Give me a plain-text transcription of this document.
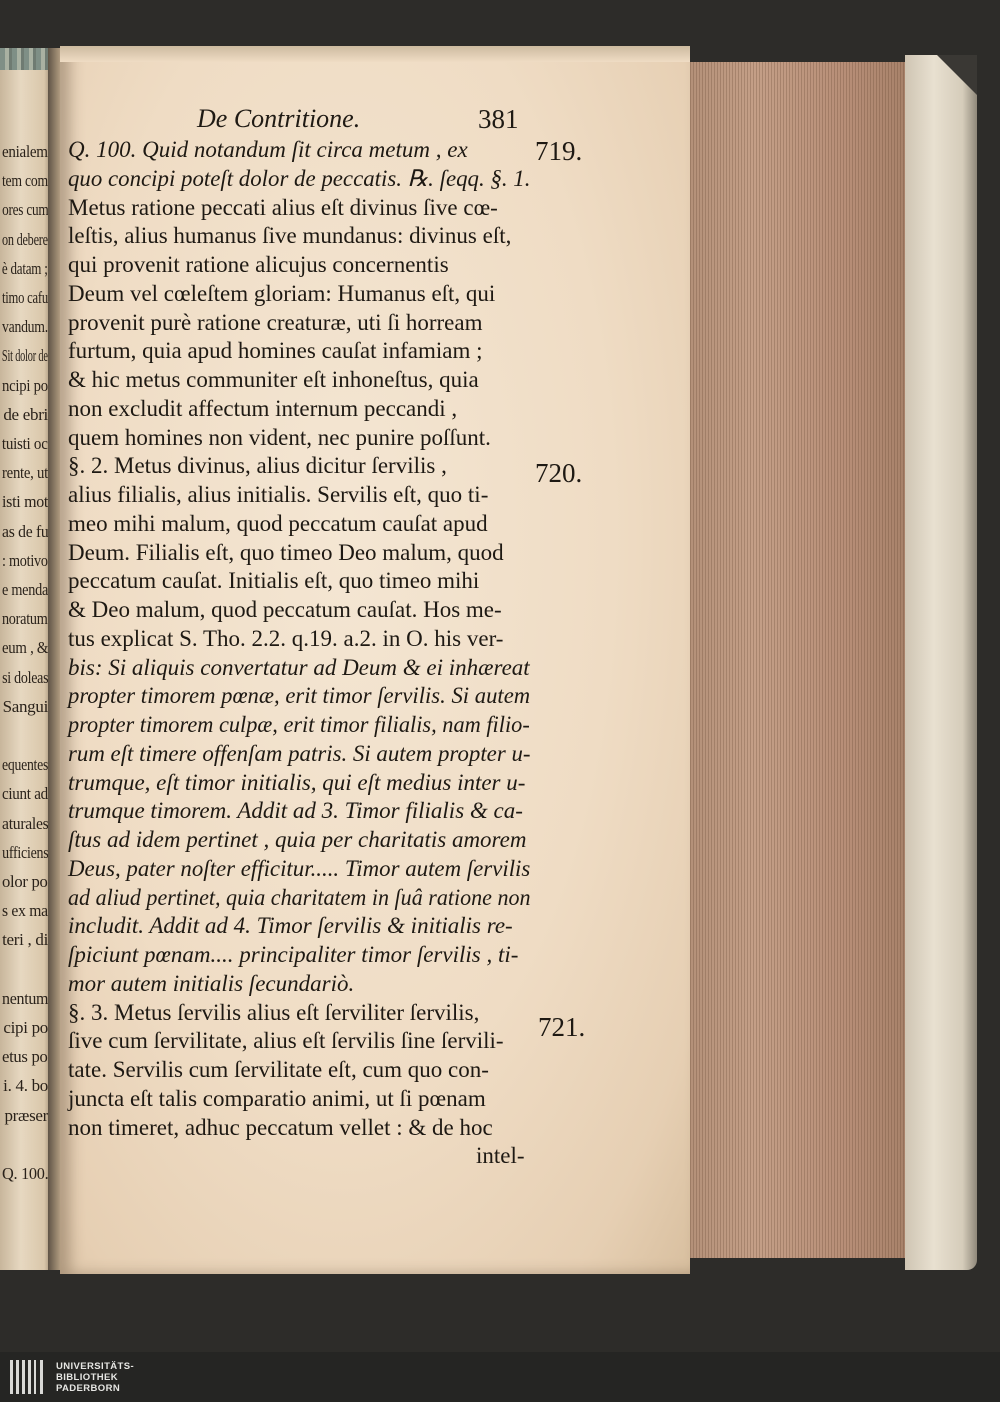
enialem
tem com
ores cum
on debere
è datam ;
timo cafu
vandum.
Sit dolor de
ncipi po
de ebri
tuisti oc
rente, ut
isti mot
as de fu
: motivo
e menda
noratum
eum , &
si doleas
Sangui
equentes
ciunt ad
aturales
ufficiens
olor po
s ex ma
teri , di
nentum
cipi po
etus po
i. 4. bo
præser
Q. 100.
De Contritione.	381
Q. 100. Quid notandum ſit circa metum , ex
quo concipi poteſt dolor de peccatis. ℞. ſeqq. §. 1.
Metus ratione peccati alius eſt divinus ſive cœ-
leſtis, alius humanus ſive mundanus: divinus eſt,
qui provenit ratione alicujus concernentis
Deum vel cœleſtem gloriam: Humanus eſt, qui
provenit purè ratione creaturæ, uti ſi horream
furtum, quia apud homines cauſat infamiam ;
& hic metus communiter eſt inhoneſtus, quia
non excludit affectum internum peccandi ,
quem homines non vident, nec punire poſſunt.
§. 2. Metus divinus, alius dicitur ſervilis ,
alius filialis, alius initialis. Servilis eſt, quo ti-
meo mihi malum, quod peccatum cauſat apud
Deum. Filialis eſt, quo timeo Deo malum, quod
peccatum cauſat. Initialis eſt, quo timeo mihi
& Deo malum, quod peccatum cauſat. Hos me-
tus explicat S. Tho. 2.2. q.19. a.2. in O. his ver-
bis: Si aliquis convertatur ad Deum & ei inhæreat
propter timorem pœnæ, erit timor ſervilis. Si autem
propter timorem culpæ, erit timor filialis, nam filio-
rum eſt timere offenſam patris. Si autem propter u-
trumque, eſt timor initialis, qui eſt medius inter u-
trumque timorem. Addit ad 3. Timor filialis & ca-
ſtus ad idem pertinet , quia per charitatis amorem
Deus, pater noſter efficitur..... Timor autem ſervilis
ad aliud pertinet, quia charitatem in ſuâ ratione non
includit. Addit ad 4. Timor ſervilis & initialis re-
ſpiciunt pœnam.... principaliter timor ſervilis , ti-
mor autem initialis ſecundariò.
§. 3. Metus ſervilis alius eſt ſerviliter ſervilis,
ſive cum ſervilitate, alius eſt ſervilis ſine ſervili-
tate. Servilis cum ſervilitate eſt, cum quo con-
juncta eſt talis comparatio animi, ut ſi pœnam
non timeret, adhuc peccatum vellet : & de hoc
intel-
719.
720.
721.
UNIVERSITÄTS-
BIBLIOTHEK
PADERBORN
